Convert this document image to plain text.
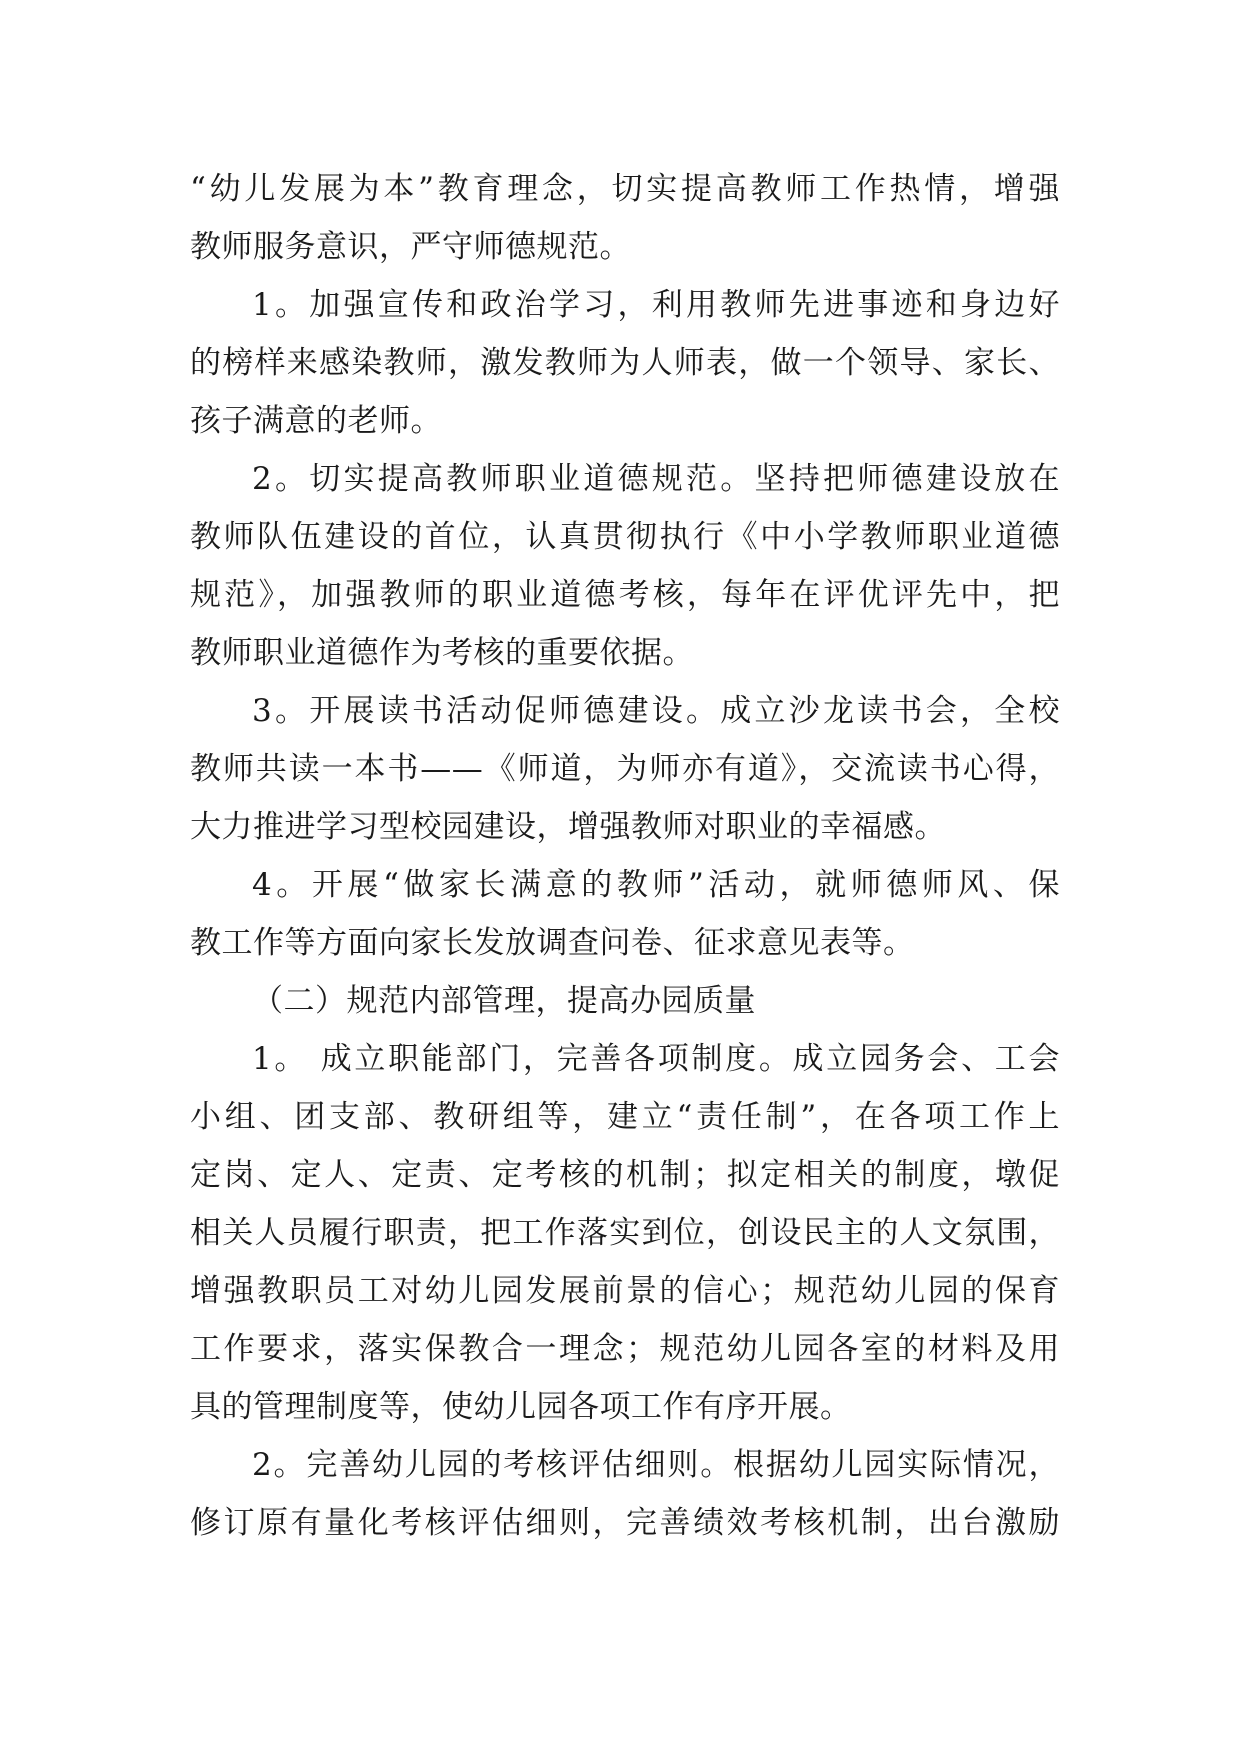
“幼儿发展为本”教育理念，切实提高教师工作热情，增强
教师服务意识，严守师德规范。
1。加强宣传和政治学习，利用教师先进事迹和身边好
的榜样来感染教师，激发教师为人师表，做一个领导、家长、
孩子满意的老师。
2。切实提高教师职业道德规范。坚持把师德建设放在
教师队伍建设的首位，认真贯彻执行《中小学教师职业道德
规范》，加强教师的职业道德考核，每年在评优评先中，把
教师职业道德作为考核的重要依据。
3。开展读书活动促师德建设。成立沙龙读书会，全校
教师共读一本书——《师道，为师亦有道》，交流读书心得，
大力推进学习型校园建设，增强教师对职业的幸福感。
4。开展“做家长满意的教师”活动，就师德师风、保
教工作等方面向家长发放调查问卷、征求意见表等。
（二）规范内部管理，提高办园质量
1。 成立职能部门，完善各项制度。成立园务会、工会
小组、团支部、教研组等，建立“责任制”，在各项工作上
定岗、定人、定责、定考核的机制；拟定相关的制度，墩促
相关人员履行职责，把工作落实到位，创设民主的人文氛围，
增强教职员工对幼儿园发展前景的信心；规范幼儿园的保育
工作要求，落实保教合一理念；规范幼儿园各室的材料及用
具的管理制度等，使幼儿园各项工作有序开展。
2。完善幼儿园的考核评估细则。根据幼儿园实际情况，
修订原有量化考核评估细则，完善绩效考核机制，出台激励
